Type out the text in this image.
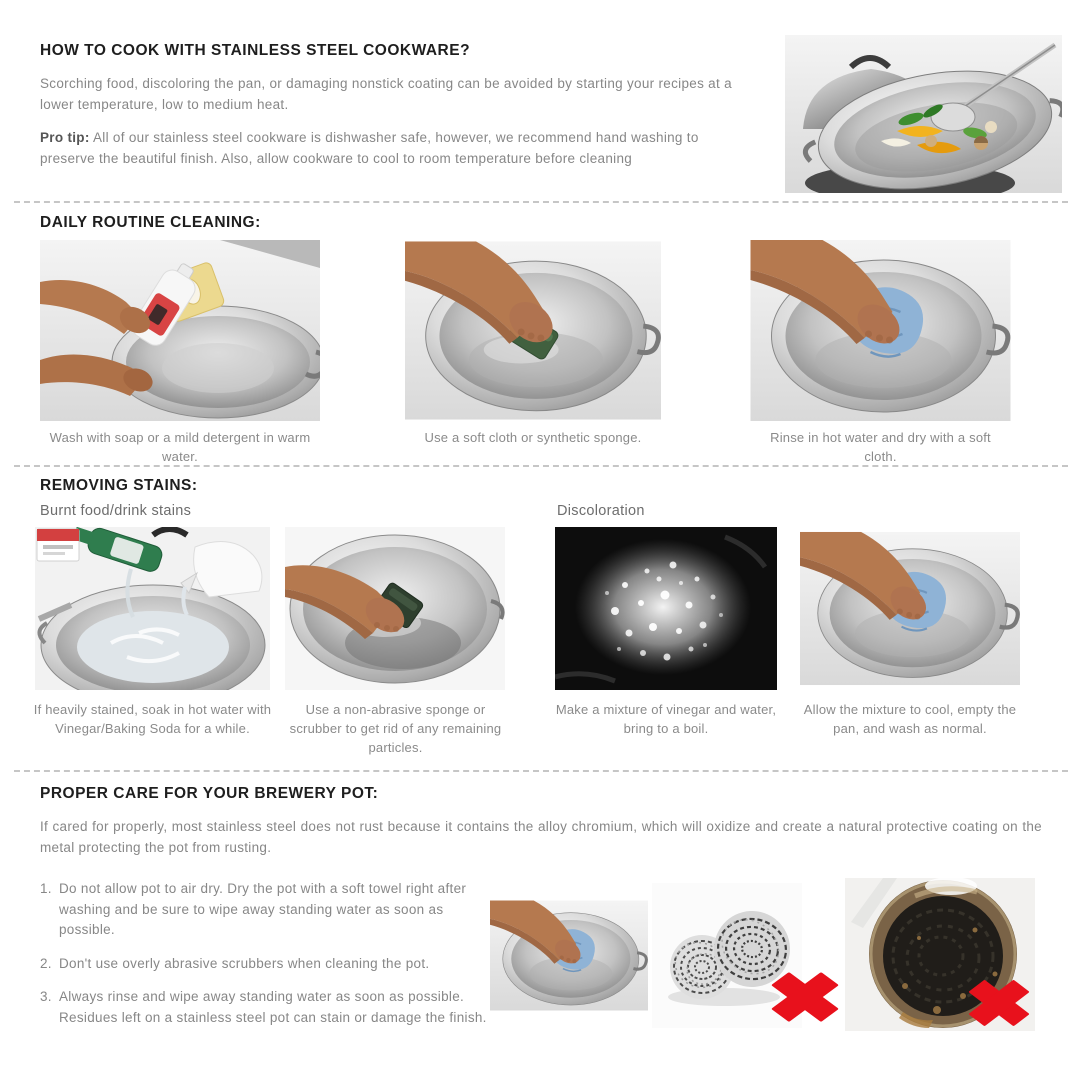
HOW TO COOK WITH STAINLESS STEEL COOKWARE?
Scorching food, discoloring the pan, or damaging nonstick coating can be avoided by starting your recipes at a lower temperature, low to medium heat.
Pro tip: All of our stainless steel cookware is dishwasher safe, however, we recommend hand washing to preserve the beautiful finish. Also, allow cookware to cool to room temperature before cleaning
DAILY ROUTINE CLEANING:
Wash with soap or a mild detergent in warm water.
Use a soft cloth or synthetic sponge.	Rinse in hot water and dry with a soft cloth.
REMOVING STAINS:
Burnt food/drink stains	Discoloration
If heavily stained, soak in hot water with Vinegar/Baking Soda for a while.
Use a non-abrasive sponge or scrubber to get rid of any remaining particles.
Make a mixture of vinegar and water, bring to a boil.
Allow the mixture to cool, empty the pan, and wash as normal.
PROPER CARE FOR YOUR BREWERY POT:
If cared for properly, most stainless steel does not rust because it contains the alloy chromium, which will oxidize and create a natural protective coating on the metal protecting the pot from rusting.
1. Do not allow pot to air dry. Dry the pot with a soft towel right after washing and be sure to wipe away standing water as soon as possible.
2. Don't use overly abrasive scrubbers when cleaning the pot.
3. Always rinse and wipe away standing water as soon as possible. Residues left on a stainless steel pot can stain or damage the finish.
